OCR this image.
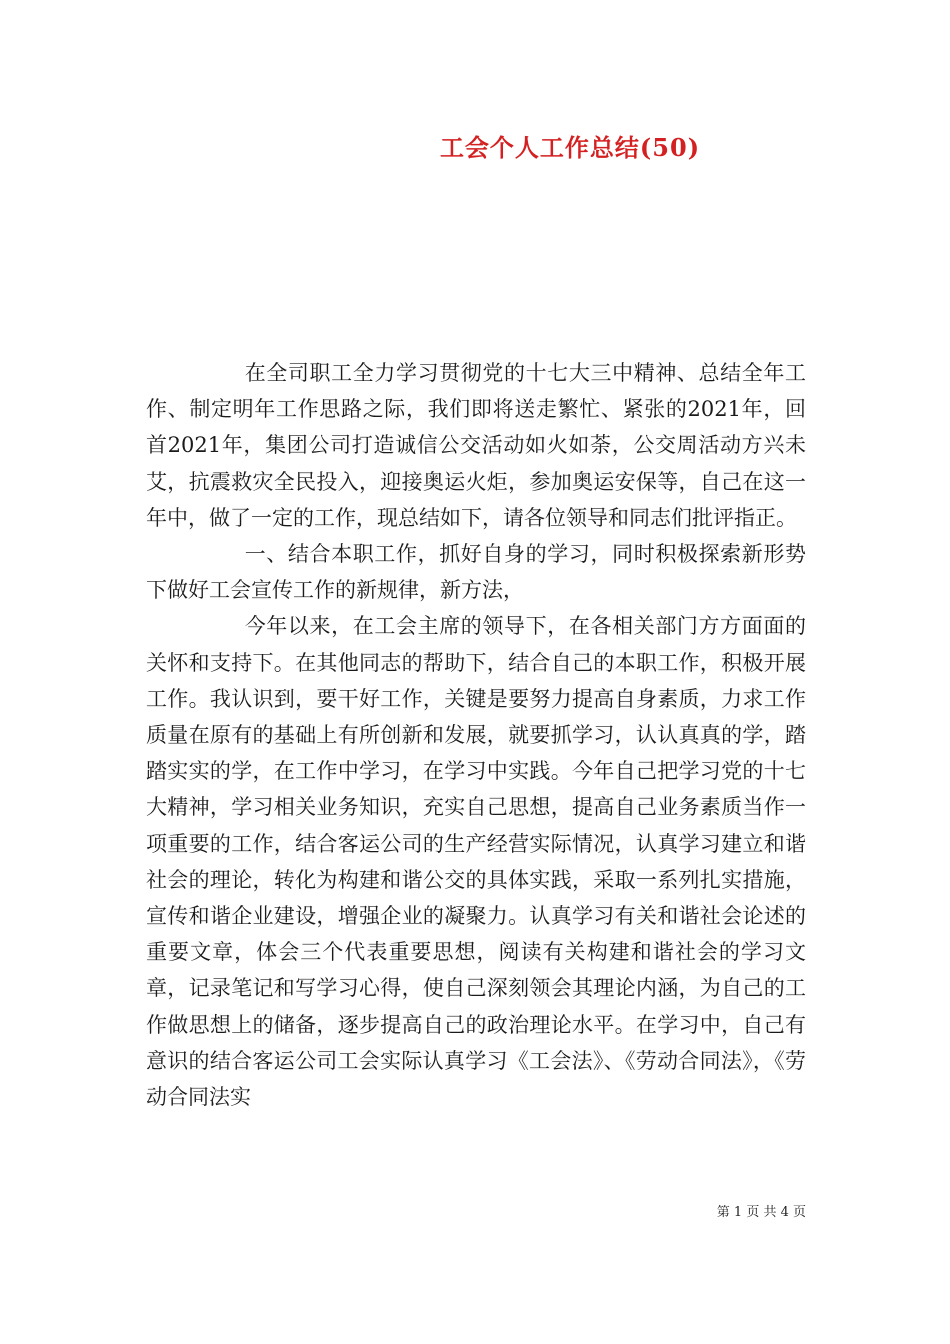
工会个人工作总结(50)

在全司职工全力学习贯彻党的十七大三中精神、总结全年工作、制定明年工作思路之际，我们即将送走繁忙、紧张的2021年，回首2021年，集团公司打造诚信公交活动如火如荼，公交周活动方兴未艾，抗震救灾全民投入，迎接奥运火炬，参加奥运安保等，自己在这一年中，做了一定的工作，现总结如下，请各位领导和同志们批评指正。

一、结合本职工作，抓好自身的学习，同时积极探索新形势下做好工会宣传工作的新规律，新方法，

今年以来，在工会主席的领导下，在各相关部门方方面面的关怀和支持下。在其他同志的帮助下，结合自己的本职工作，积极开展工作。我认识到，要干好工作，关键是要努力提高自身素质，力求工作质量在原有的基础上有所创新和发展，就要抓学习，认认真真的学，踏踏实实的学，在工作中学习，在学习中实践。今年自己把学习党的十七大精神，学习相关业务知识，充实自己思想，提高自己业务素质当作一项重要的工作，结合客运公司的生产经营实际情况，认真学习建立和谐社会的理论，转化为构建和谐公交的具体实践，采取一系列扎实措施，宣传和谐企业建设，增强企业的凝聚力。认真学习有关和谐社会论述的重要文章，体会三个代表重要思想，阅读有关构建和谐社会的学习文章，记录笔记和写学习心得，使自己深刻领会其理论内涵，为自己的工作做思想上的储备，逐步提高自己的政治理论水平。在学习中，自己有意识的结合客运公司工会实际认真学习《工会法》、《劳动合同法》，《劳动合同法实

第 1 页 共 4 页
